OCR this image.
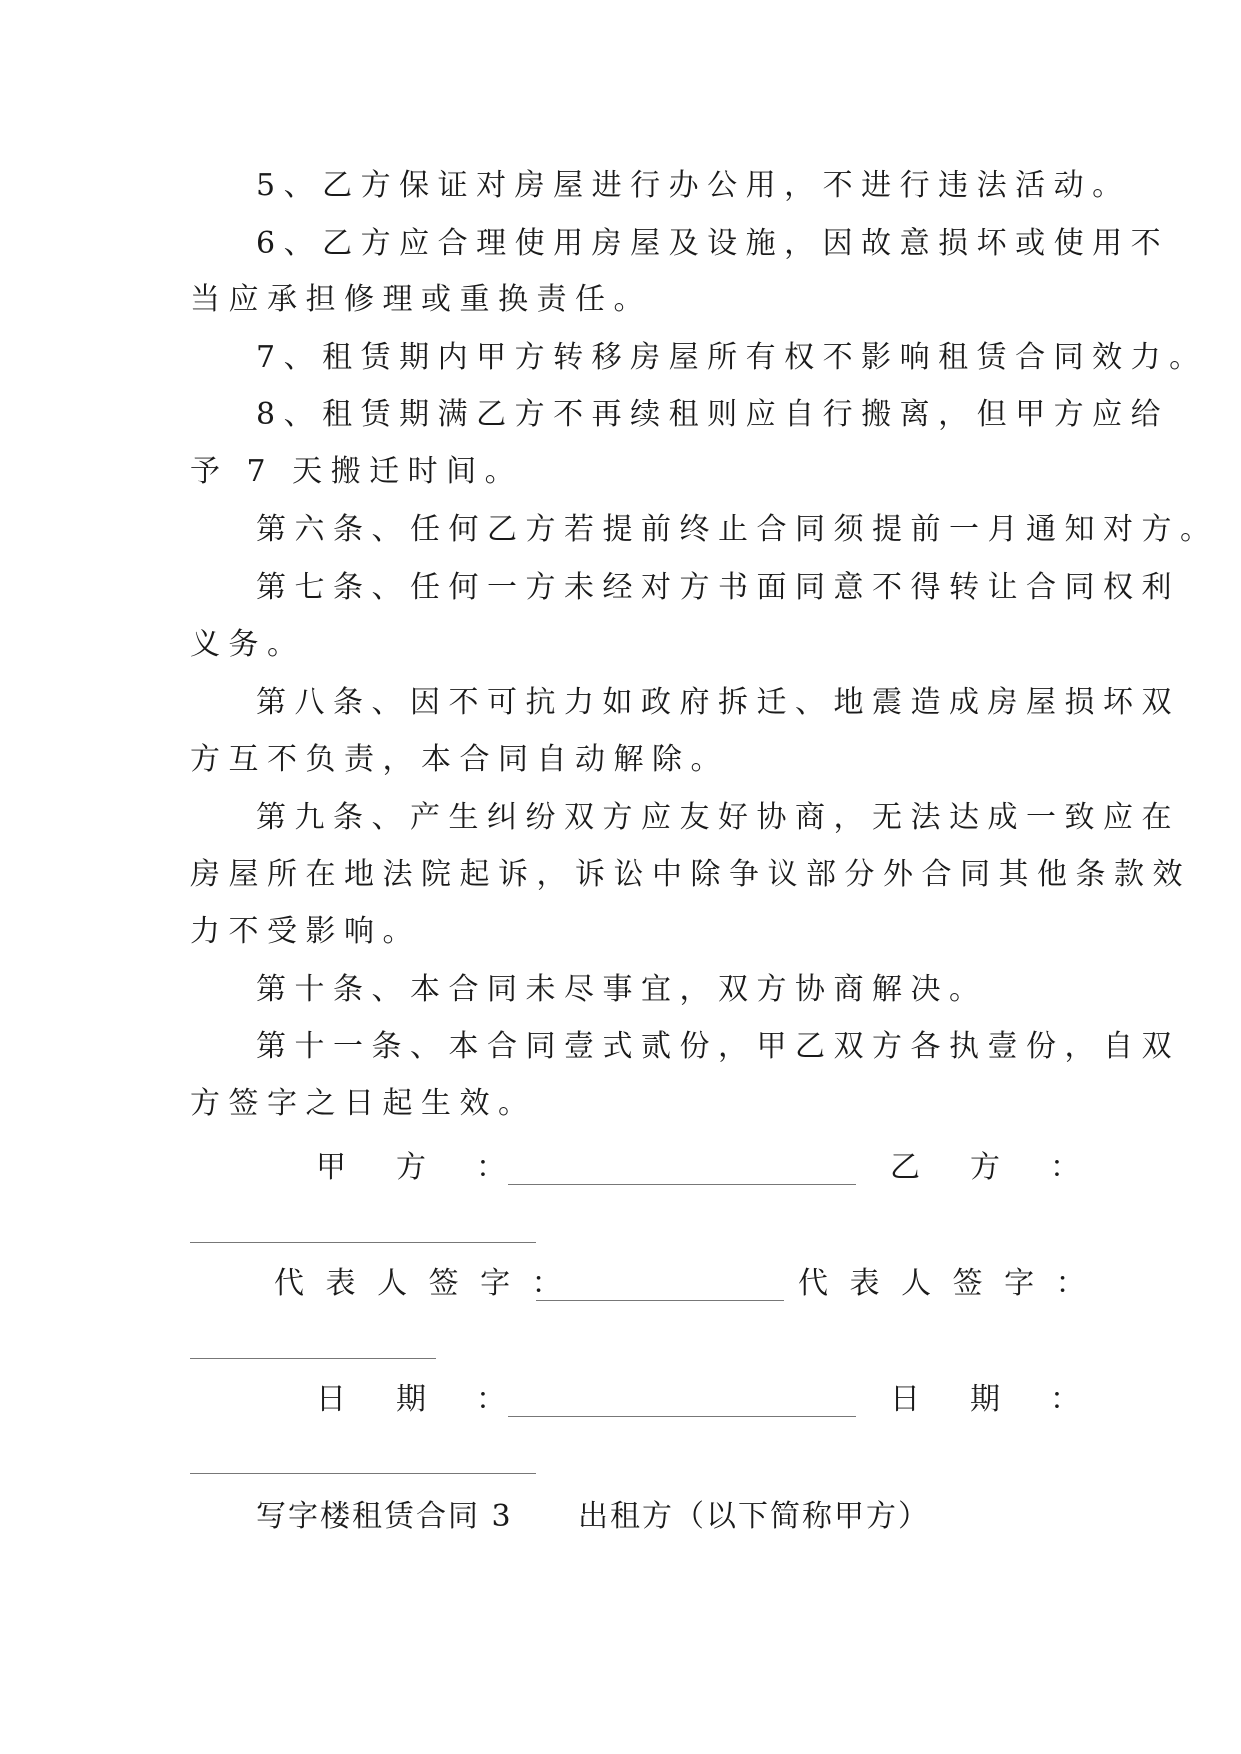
5、乙方保证对房屋进行办公用，不进行违法活动。
6、乙方应合理使用房屋及设施，因故意损坏或使用不
当应承担修理或重换责任。
7、租赁期内甲方转移房屋所有权不影响租赁合同效力。
8、租赁期满乙方不再续租则应自行搬离，但甲方应给
予 7 天搬迁时间。
第六条、任何乙方若提前终止合同须提前一月通知对方。
第七条、任何一方未经对方书面同意不得转让合同权利
义务。
第八条、因不可抗力如政府拆迁、地震造成房屋损坏双
方互不负责，本合同自动解除。
第九条、产生纠纷双方应友好协商，无法达成一致应在
房屋所在地法院起诉，诉讼中除争议部分外合同其他条款效
力不受影响。
第十条、本合同未尽事宜，双方协商解决。
第十一条、本合同壹式贰份，甲乙双方各执壹份，自双
方签字之日起生效。
甲　方　：	乙　方　：
代 表 人 签 字 ：	代 表 人 签 字 ：
日　期　：	日　期　：
写字楼租赁合同 3 出租方（以下简称甲方）
